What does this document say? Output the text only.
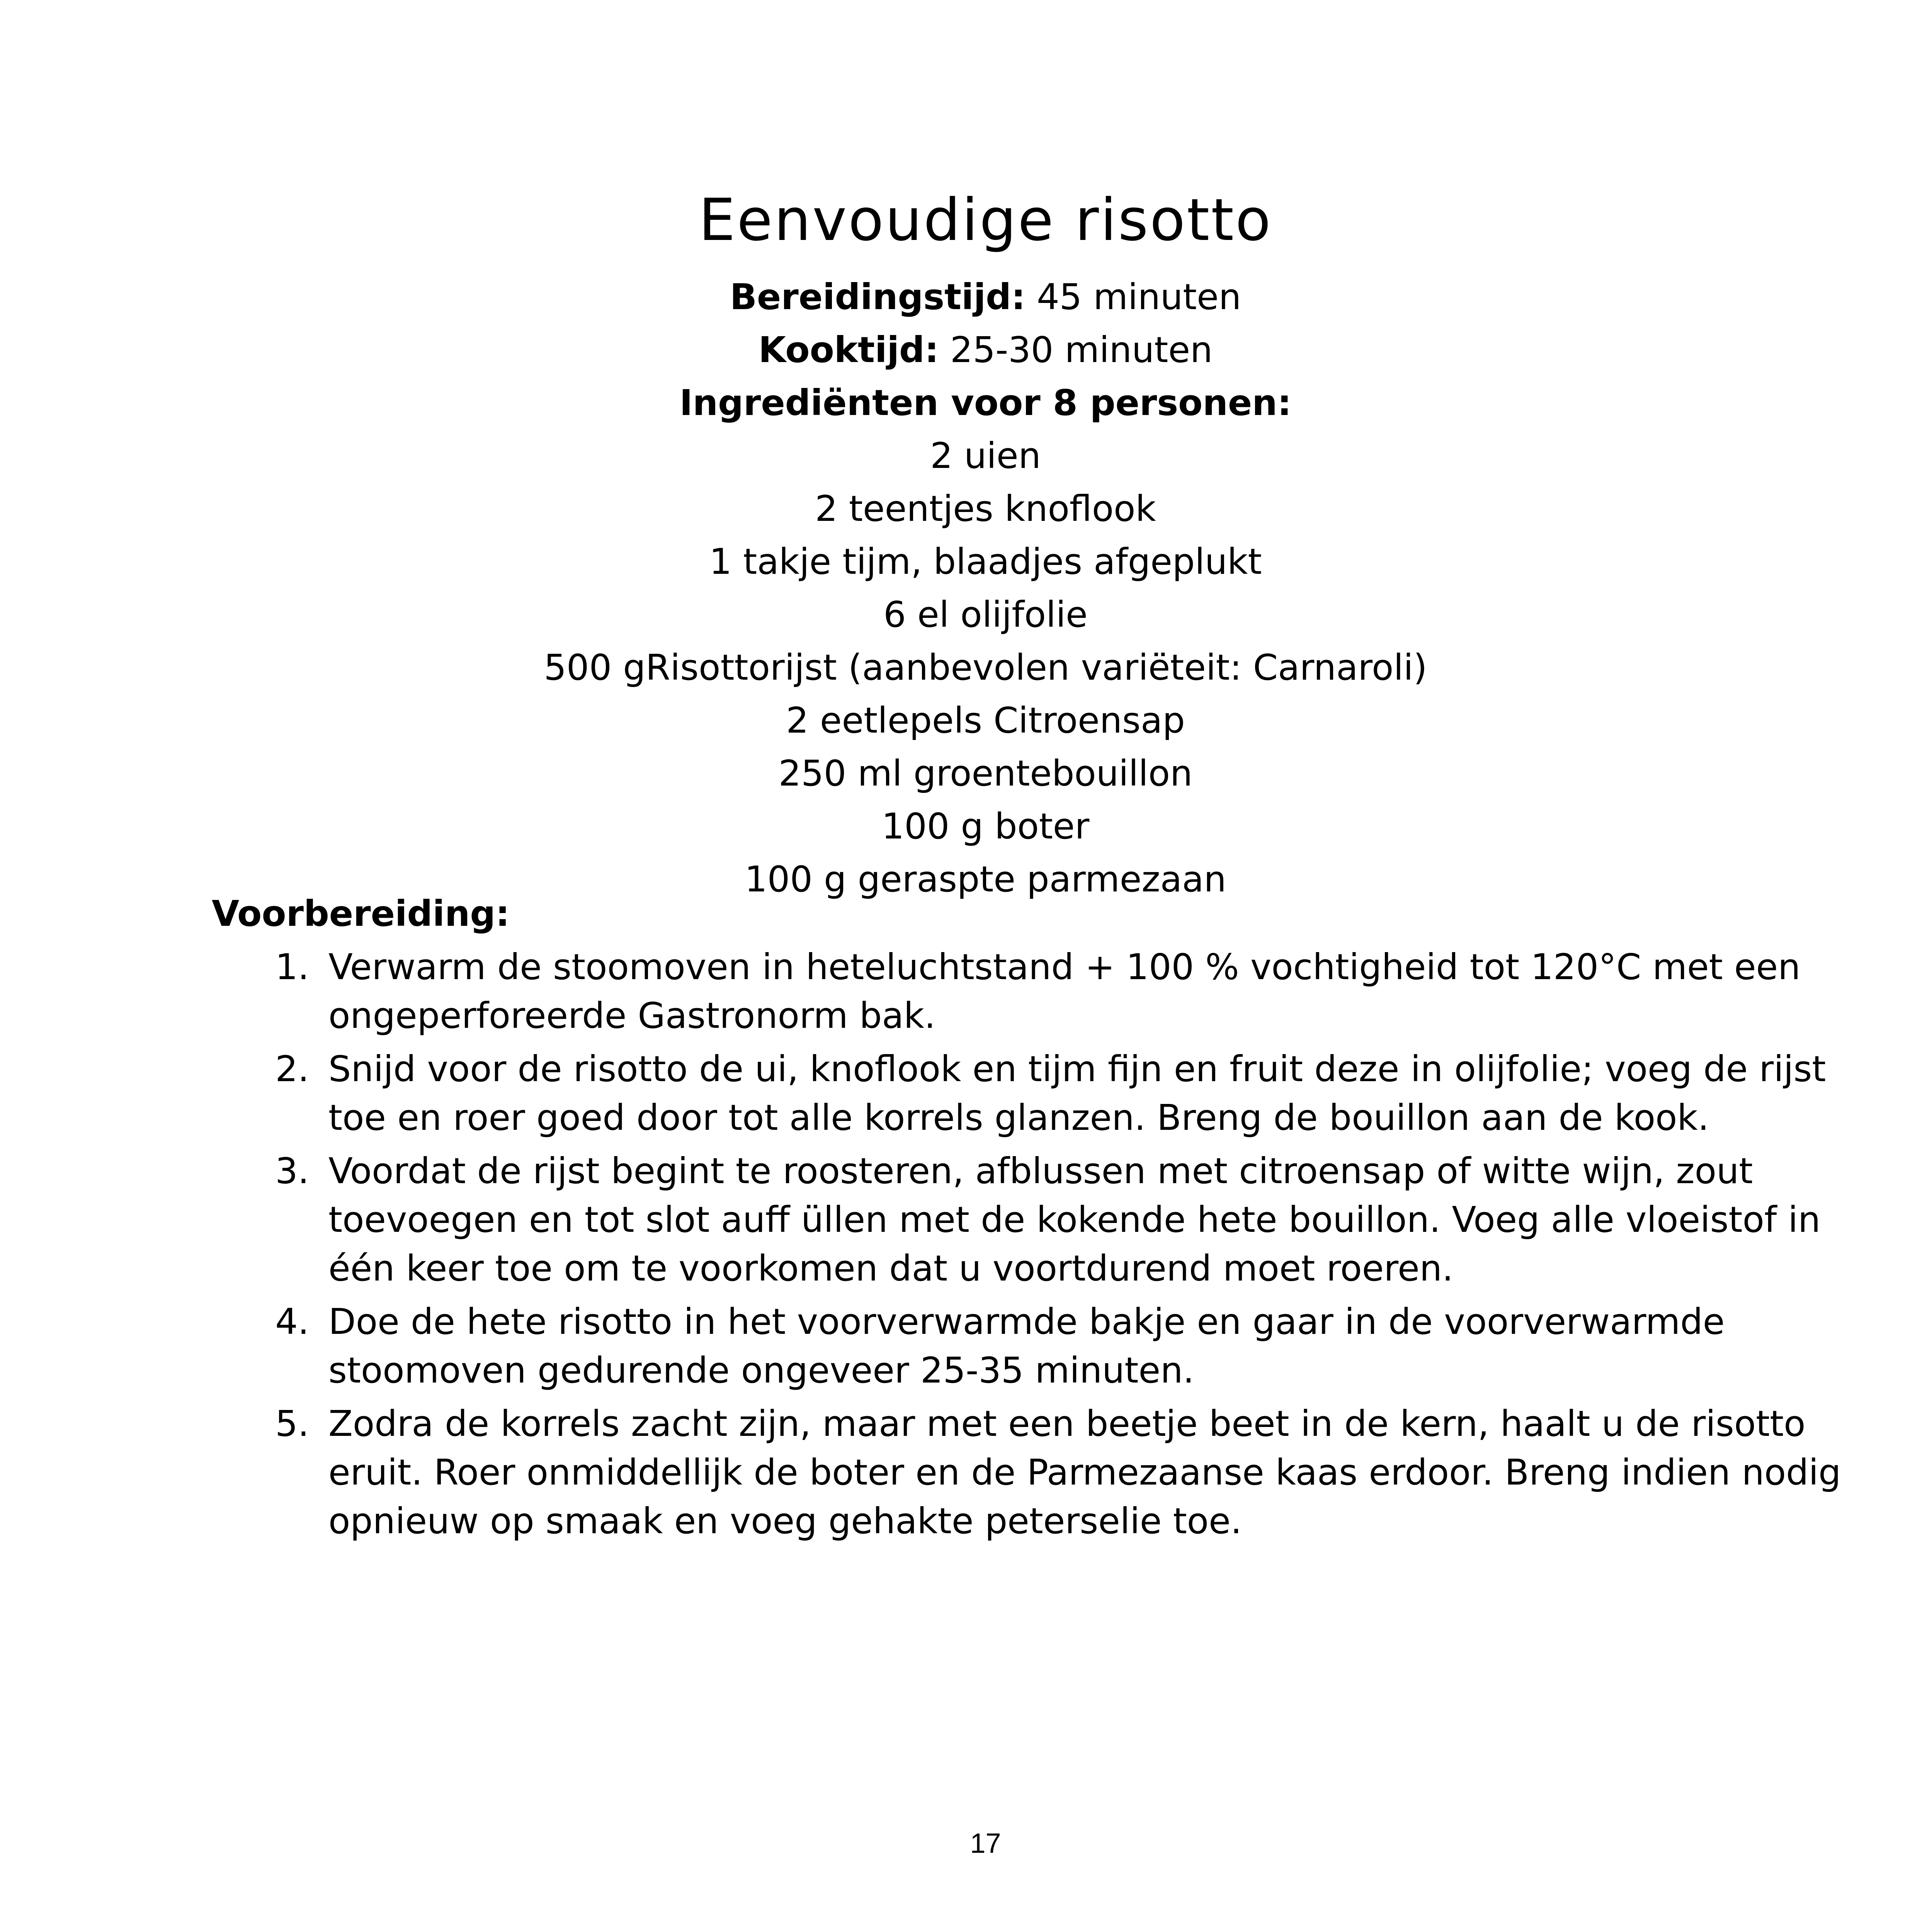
Eenvoudige risotto
Bereidingstijd: 45 minuten
Kooktijd: 25-30 minuten
Ingrediënten voor 8 personen:
2 uien
2 teentjes knoflook
1 takje tijm, blaadjes afgeplukt
6 el olijfolie
500 gRisottorijst (aanbevolen variëteit: Carnaroli)
2 eetlepels Citroensap
250 ml groentebouillon
100 g boter
100 g geraspte parmezaan
Voorbereiding:
1. Verwarm de stoomoven in heteluchtstand + 100 % vochtigheid tot 120°C met een ongeperforeerde Gastronorm bak.
2. Snijd voor de risotto de ui, knoflook en tijm fijn en fruit deze in olijfolie; voeg de rijst toe en roer goed door tot alle korrels glanzen. Breng de bouillon aan de kook.
3. Voordat de rijst begint te roosteren, afblussen met citroensap of witte wijn, zout toevoegen en tot slot auﬀ üllen met de kokende hete bouillon. Voeg alle vloeistof in één keer toe om te voorkomen dat u voortdurend moet roeren.
4. Doe de hete risotto in het voorverwarmde bakje en gaar in de voorverwarmde stoomoven gedurende ongeveer 25-35 minuten.
5. Zodra de korrels zacht zijn, maar met een beetje beet in de kern, haalt u de risotto eruit. Roer onmiddellijk de boter en de Parmezaanse kaas erdoor. Breng indien nodig opnieuw op smaak en voeg gehakte peterselie toe.
17
